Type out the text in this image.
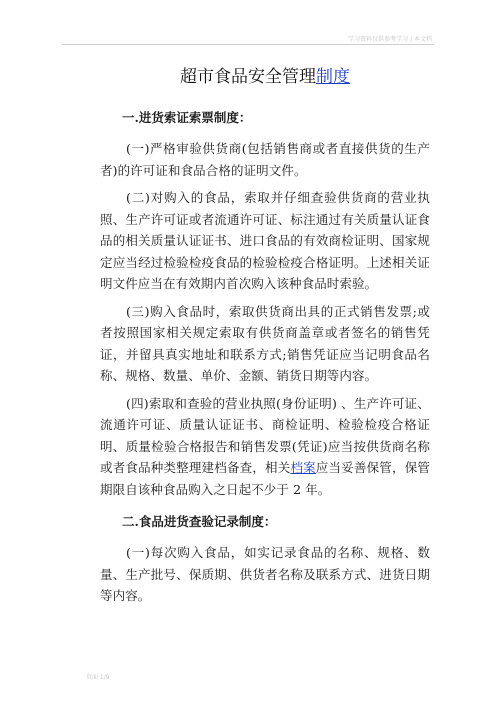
学习资料仅供参考学习 | 本文档
超市食品安全管理制度
一.进货索证索票制度：

(一)严格审验供货商(包括销售商或者直接供货的生产者)的许可证和食品合格的证明文件。

(二)对购入的食品，索取并仔细查验供货商的营业执照、生产许可证或者流通许可证、标注通过有关质量认证食品的相关质量认证证书、进口食品的有效商检证明、国家规定应当经过检验检疫食品的检验检疫合格证明。上述相关证明文件应当在有效期内首次购入该种食品时索验。

(三)购入食品时，索取供货商出具的正式销售发票;或者按照国家相关规定索取有供货商盖章或者签名的销售凭证，并留具真实地址和联系方式;销售凭证应当记明食品名称、规格、数量、单价、金额、销货日期等内容。

(四)索取和查验的营业执照(身份证明) 、生产许可证、流通许可证、质量认证证书、商检证明、检验检疫合格证明、质量检验合格报告和销售发票(凭证)应当按供货商名称或者食品种类整理建档备查，相关档案应当妥善保管，保管期限自该种食品购入之日起不少于 2 年。

二.食品进货查验记录制度：

(一)每次购入食品，如实记录食品的名称、规格、数量、生产批号、保质期、供货者名称及联系方式、进货日期等内容。

页面 1/9
